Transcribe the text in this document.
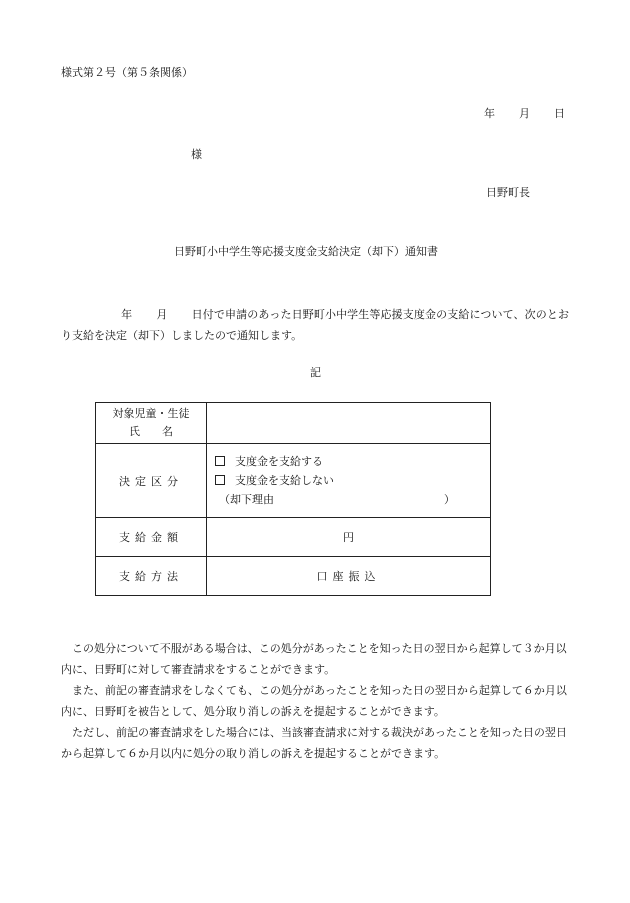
様式第２号（第５条関係）
年 月 日
様
日野町長
日野町小中学生等応援支度金支給決定（却下）通知書
年 月 日付で申請のあった日野町小中学生等応援支度金の支給について、次のとおり支給を決定（却下）しましたので通知します。
記
対象児童・生徒
氏　　名	

決定区分	支度金を支給する
支度金を支給しない
（却下理由 ）

支給金額	円
支給方法	口座振込

この処分について不服がある場合は、この処分があったことを知った日の翌日から起算して３か月以内に、日野町に対して審査請求をすることができます。

また、前記の審査請求をしなくても、この処分があったことを知った日の翌日から起算して６か月以内に、日野町を被告として、処分取り消しの訴えを提起することができます。

ただし、前記の審査請求をした場合には、当該審査請求に対する裁決があったことを知った日の翌日から起算して６か月以内に処分の取り消しの訴えを提起することができます。
